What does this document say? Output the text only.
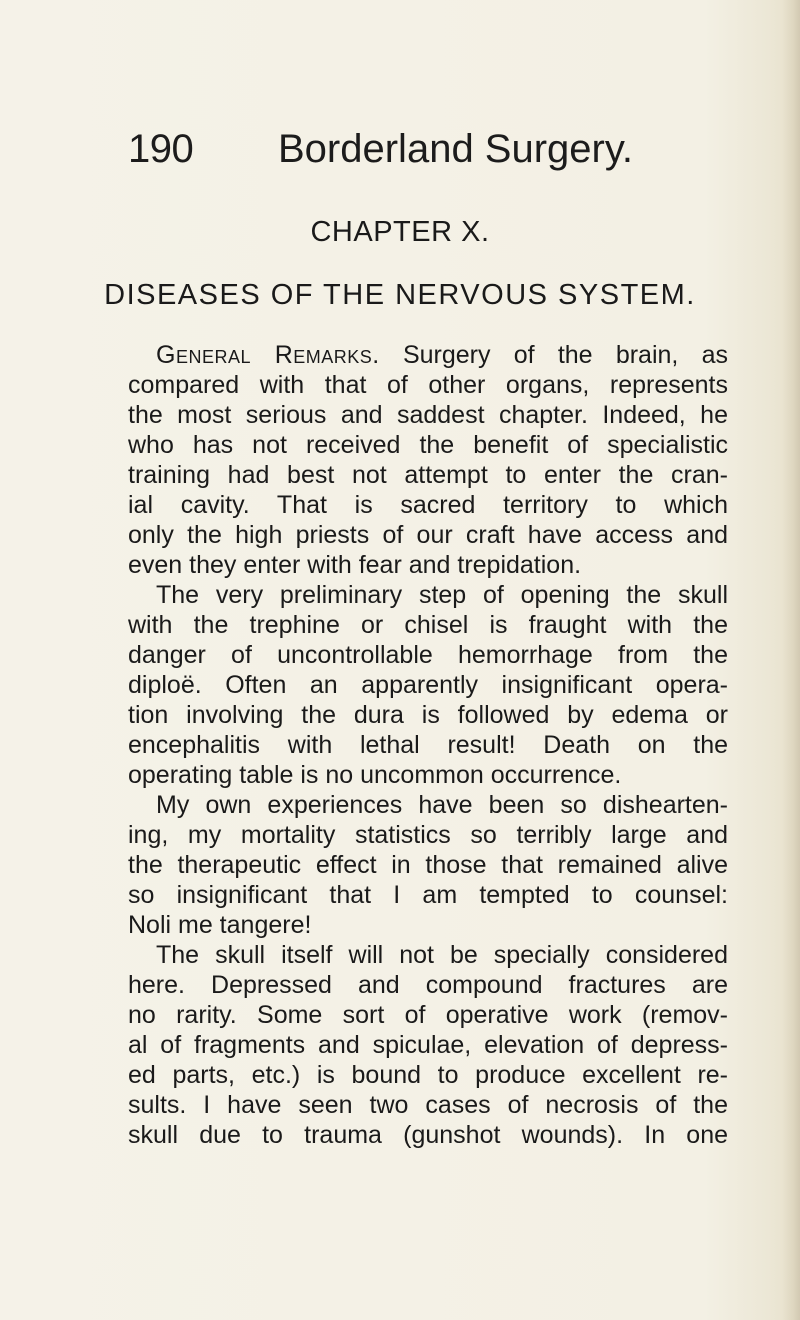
190 Borderland Surgery.
CHAPTER X.
DISEASES OF THE NERVOUS SYSTEM.
General Remarks. Surgery of the brain, as
compared with that of other organs, represents
the most serious and saddest chapter. Indeed, he
who has not received the benefit of specialistic
training had best not attempt to enter the cran-
ial cavity. That is sacred territory to which
only the high priests of our craft have access and
even they enter with fear and trepidation.
The very preliminary step of opening the skull
with the trephine or chisel is fraught with the
danger of uncontrollable hemorrhage from the
diploë. Often an apparently insignificant opera-
tion involving the dura is followed by edema or
encephalitis with lethal result! Death on the
operating table is no uncommon occurrence.
My own experiences have been so dishearten-
ing, my mortality statistics so terribly large and
the therapeutic effect in those that remained alive
so insignificant that I am tempted to counsel:
Noli me tangere!
The skull itself will not be specially considered
here. Depressed and compound fractures are
no rarity. Some sort of operative work (remov-
al of fragments and spiculae, elevation of depress-
ed parts, etc.) is bound to produce excellent re-
sults. I have seen two cases of necrosis of the
skull due to trauma (gunshot wounds). In one
